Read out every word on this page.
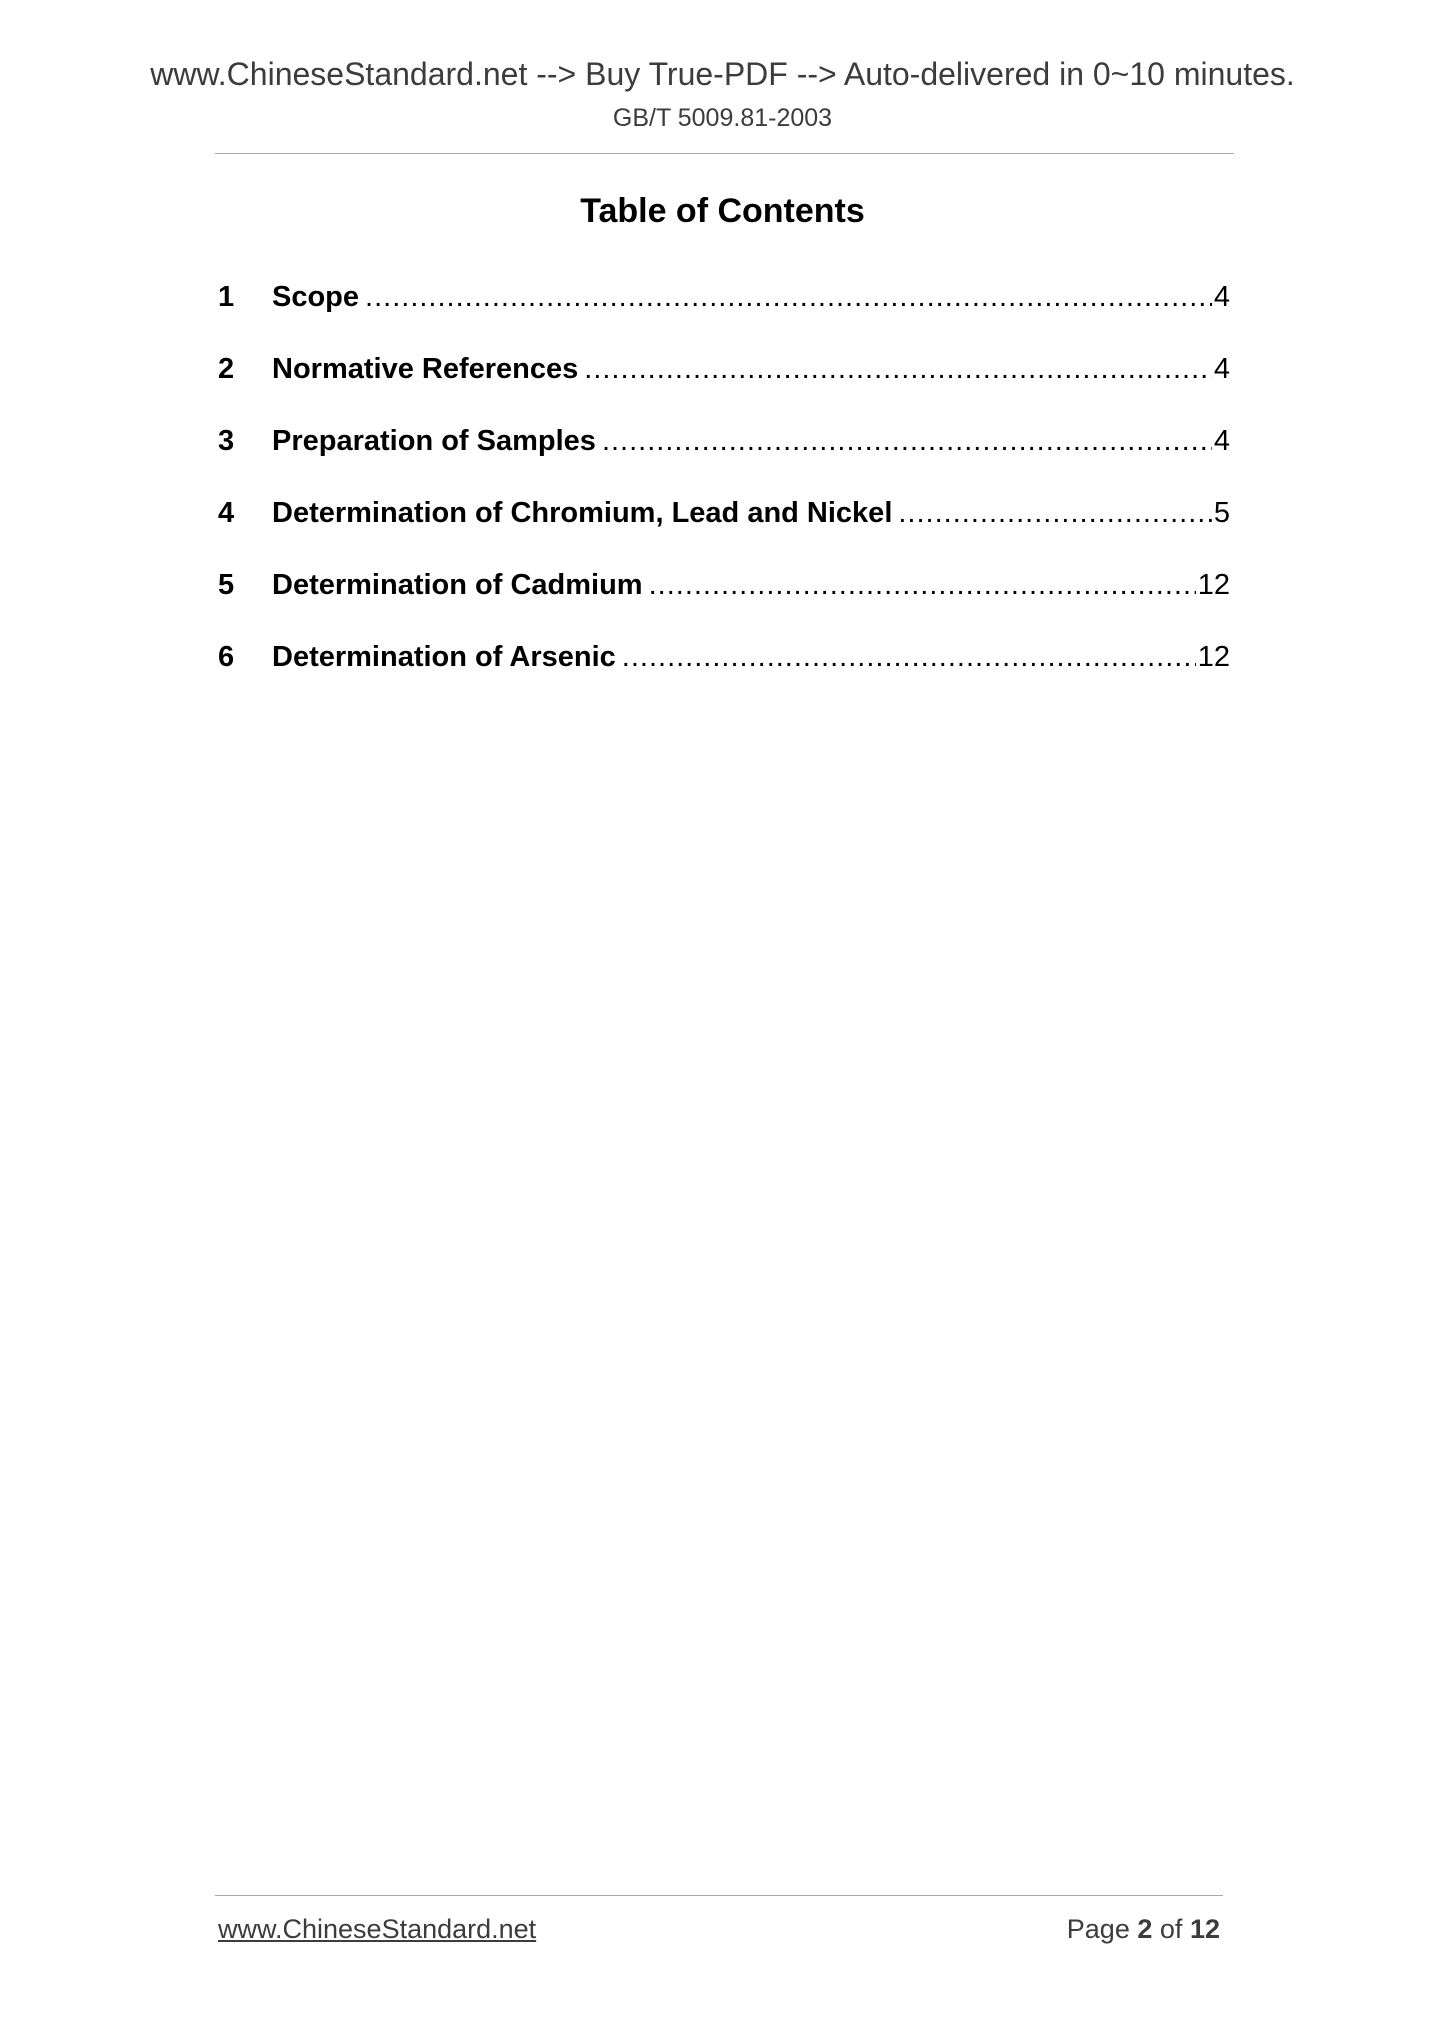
www.ChineseStandard.net --> Buy True-PDF --> Auto-delivered in 0~10 minutes.
GB/T 5009.81-2003
Table of Contents
1	Scope .....	4
2	Normative References .....	4
3	Preparation of Samples .....	4
4	Determination of Chromium, Lead and Nickel .....	5
5	Determination of Cadmium .....	12
6	Determination of Arsenic .....	12
www.ChineseStandard.net	Page 2 of 12
